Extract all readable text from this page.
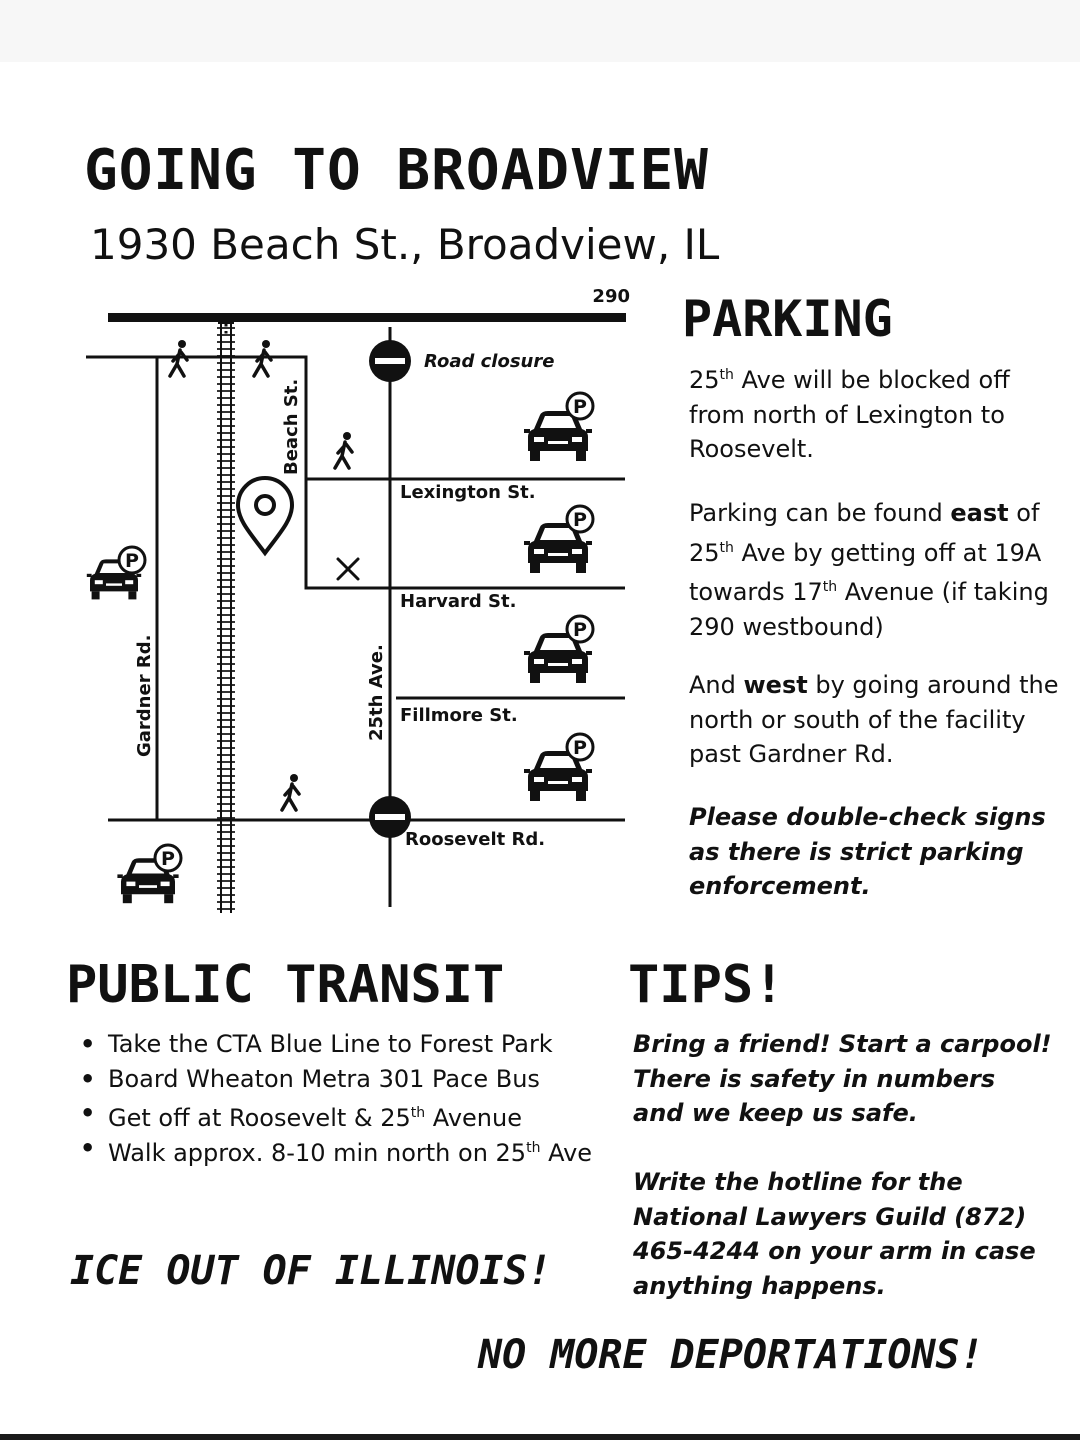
GOING TO BROADVIEW
1930 Beach St., Broadview, IL
P
290
Road closure
Lexington St.
Harvard St.
Fillmore St.
Roosevelt Rd.
Beach St.
Gardner Rd.	25th Ave.
PARKING

25th Ave will be blocked off from north of Lexington to Roosevelt.

Parking can be found east of 25th Ave by getting off at 19A towards 17th Avenue (if taking 290 westbound)

And west by going around the north or south of the facility past Gardner Rd.

Please double-check signs as there is strict parking enforcement.

PUBLIC TRANSIT TIPS!
• Take the CTA Blue Line to Forest Park
• Board Wheaton Metra 301 Pace Bus
• Get off at Roosevelt & 25th Avenue
• Walk approx. 8-10 min north on 25th Ave

Bring a friend! Start a carpool! There is safety in numbers and we keep us safe.

Write the hotline for the National Lawyers Guild (872) 465-4244 on your arm in case anything happens.

ICE OUT OF ILLINOIS!
NO MORE DEPORTATIONS!
